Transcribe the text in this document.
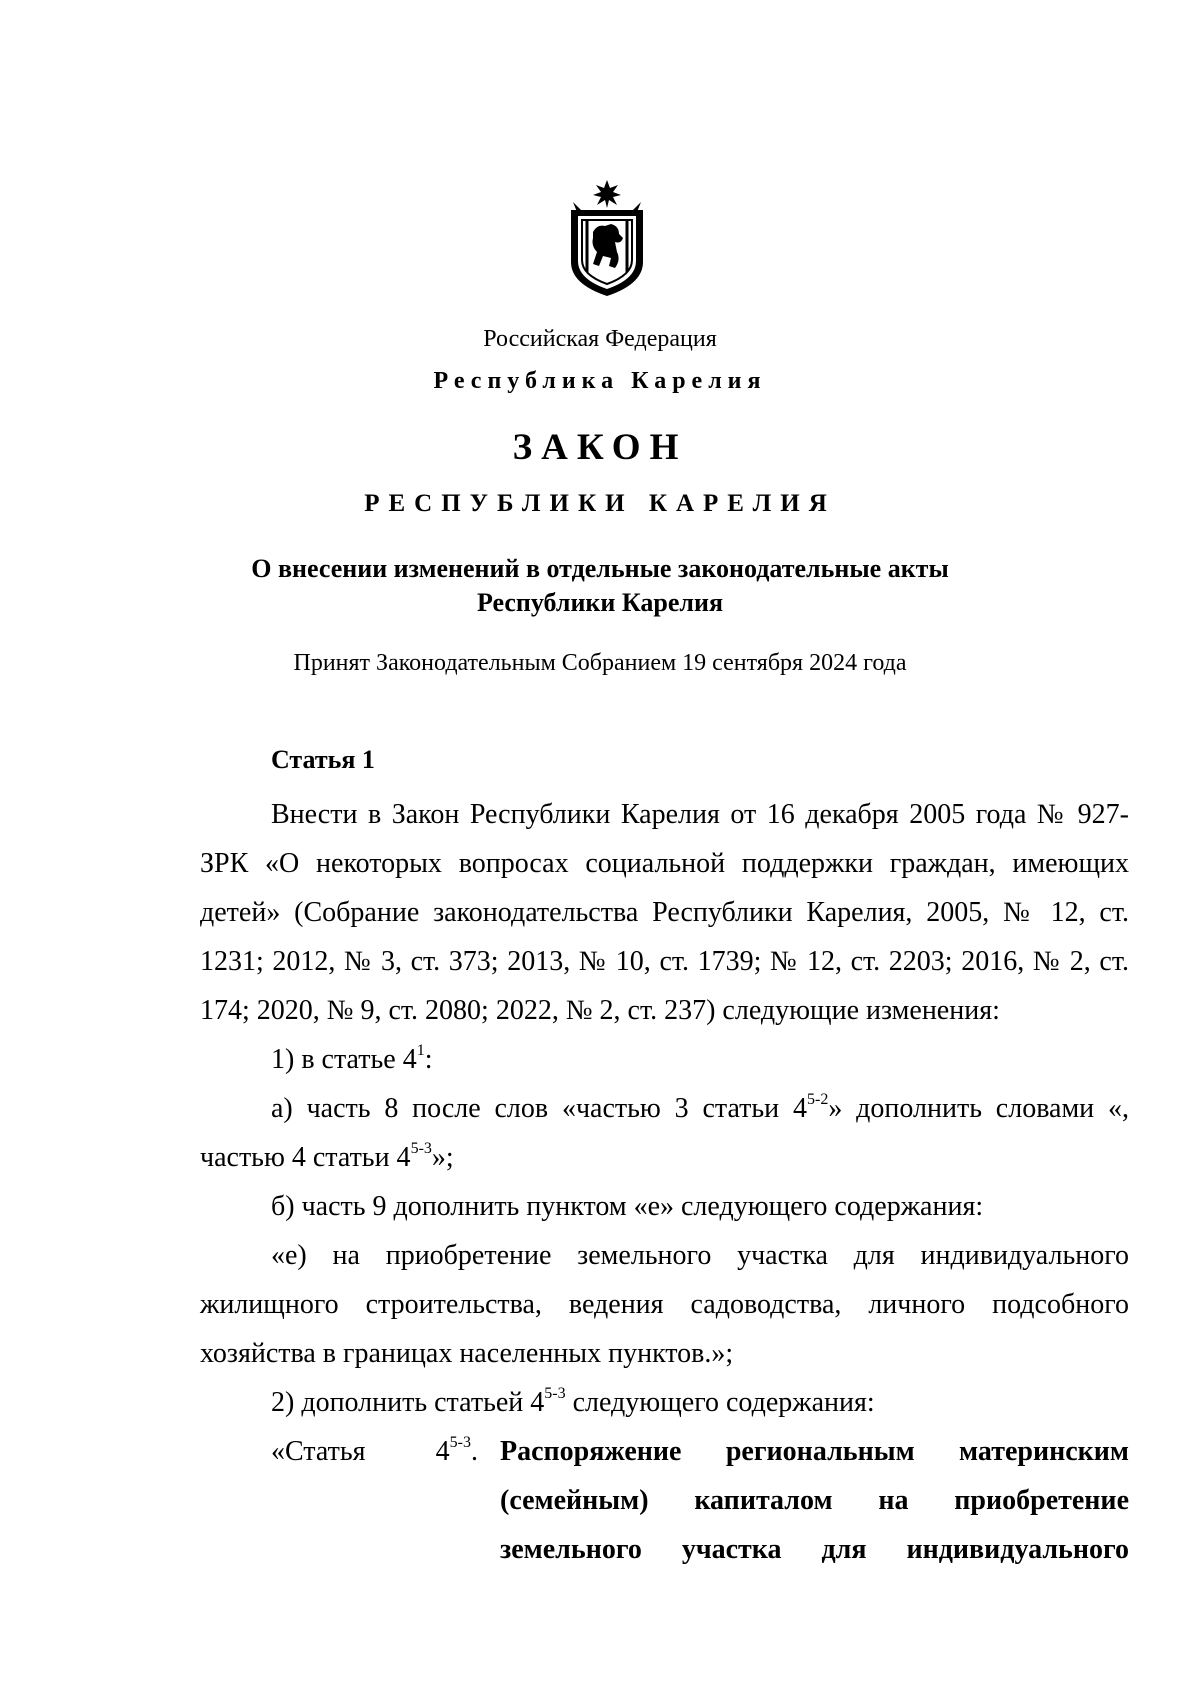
Российская Федерация
Республика Карелия
ЗАКОН
РЕСПУБЛИКИ КАРЕЛИЯ
О внесении изменений в отдельные законодательные акты
Республики Карелия
Принят Законодательным Собранием 19 сентября 2024 года
Статья 1

Внести в Закон Республики Карелия от 16 декабря 2005 года № 927-ЗРК «О некоторых вопросах социальной поддержки граждан, имеющих детей» (Собрание законодательства Республики Карелия, 2005, № 12, ст. 1231; 2012, № 3, ст. 373; 2013, № 10, ст. 1739; № 12, ст. 2203; 2016, № 2, ст. 174; 2020, № 9, ст. 2080; 2022, № 2, ст. 237) следующие изменения:

1) в статье $4^1$:

а) часть 8 после слов «частью 3 статьи 4$^{5-2}$» дополнить словами «, частью 4 статьи 4$^{5-3}$»;

б) часть 9 дополнить пунктом «е» следующего содержания:

«е) на приобретение земельного участка для индивидуального жилищного строительства, ведения садоводства, личного подсобного хозяйства в границах населенных пунктов.»;

2) дополнить статьей 4$^{5-3}$ следующего содержания:

«Статья	4$^{5-3}$. Распоряжение региональным материнским (семейным) капиталом на приобретение земельного участка для индивидуального
